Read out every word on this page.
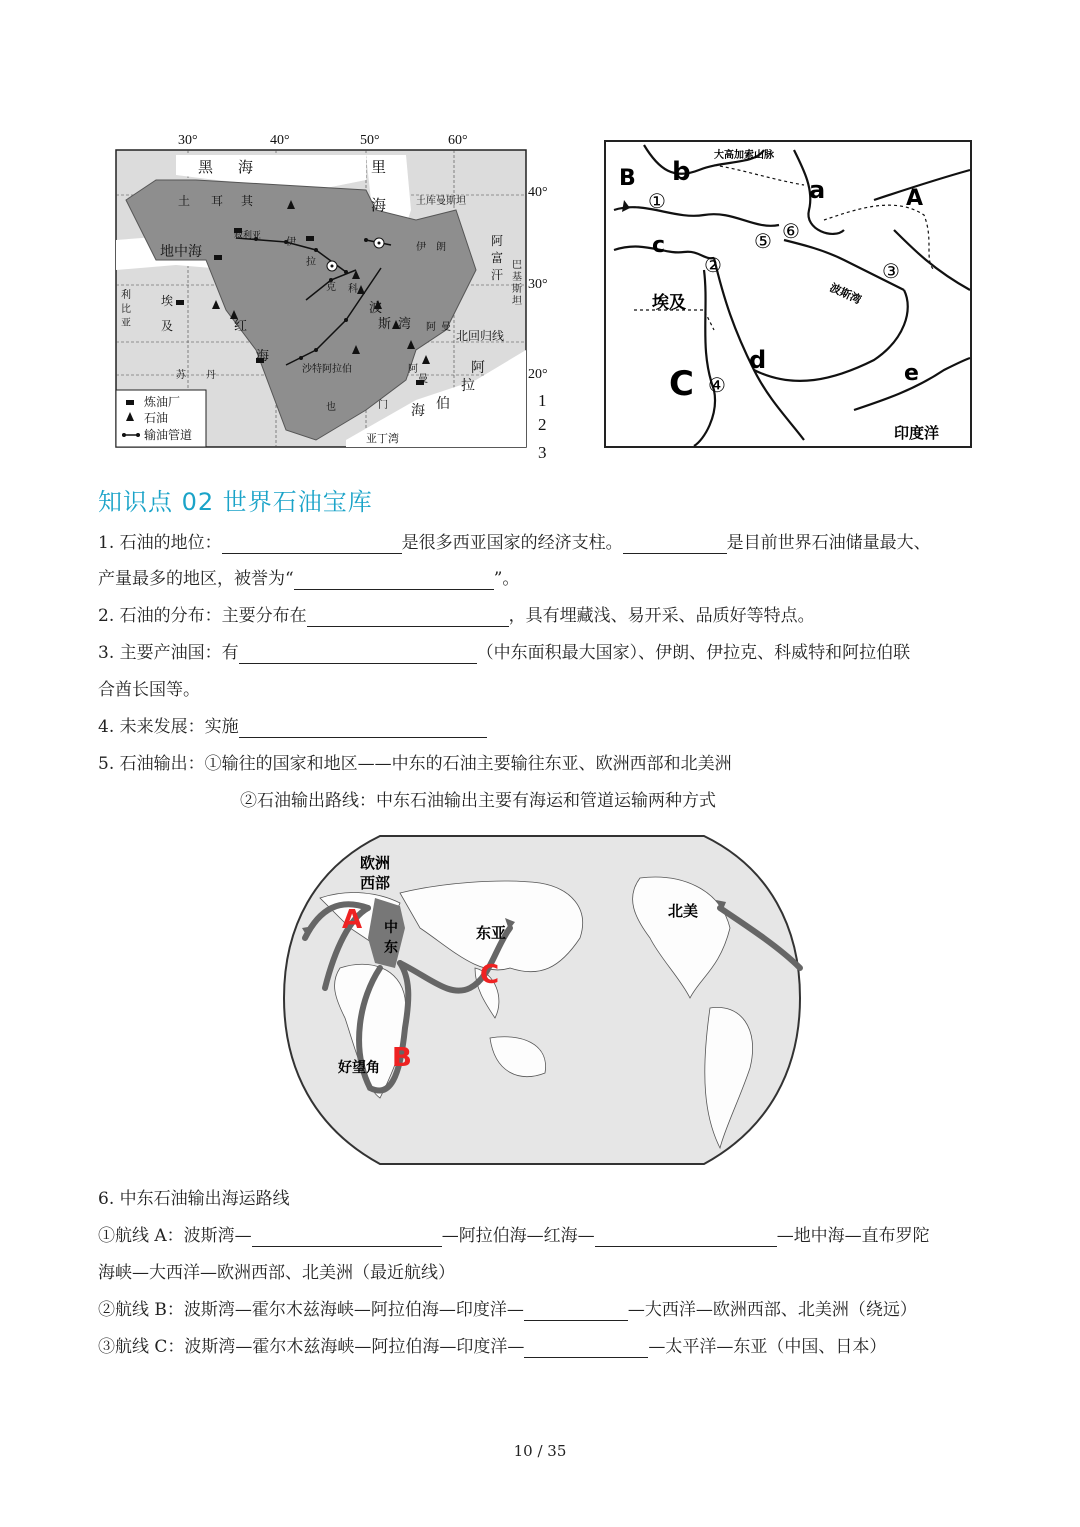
30°	40°	50°	60°
40°
30°
20°
黑 海	里
海
土 耳 其	土库曼斯坦
地中海
叙利亚
伊
拉
克
伊 朗	阿
富
汗
巴
基
斯
坦
利
比
亚
埃
及	红
海
波
斯 湾
科
阿 曼
北回归线
沙特阿拉伯	阿
拉
伯
海
也	门
亚丁湾
苏 丹
阿
曼
炼油厂
石油
输油管道
1
2
3
B b
大高加索山脉
a	A
c
埃及	波斯湾
d
C	e
印度洋
①
②	③
④
⑤ ⑥
知识点 02 世界石油宝库
1. 石油的地位：	是很多西亚国家的经济支柱。	是目前世界石油储量最大、
产量最多的地区，被誉为“	”。
2. 石油的分布：主要分布在	，具有埋藏浅、易开采、品质好等特点。
3. 主要产油国：有	（中东面积最大国家）、伊朗、伊拉克、科威特和阿拉伯联
合酋长国等。
4. 未来发展：实施
5. 石油输出：①输往的国家和地区——中东的石油主要输往东亚、欧洲西部和北美洲
②石油输出路线：中东石油输出主要有海运和管道运输两种方式
欧洲
西部
A 中
东
东亚
C
北美
好望角 B
6. 中东石油输出海运路线
①航线 A：波斯湾—	—阿拉伯海—红海—	—地中海—直布罗陀
海峡—大西洋—欧洲西部、北美洲（最近航线）
②航线 B：波斯湾—霍尔木兹海峡—阿拉伯海—印度洋—	—大西洋—欧洲西部、北美洲（绕远）
③航线 C：波斯湾—霍尔木兹海峡—阿拉伯海—印度洋—	—太平洋—东亚（中国、日本）
10 / 35
